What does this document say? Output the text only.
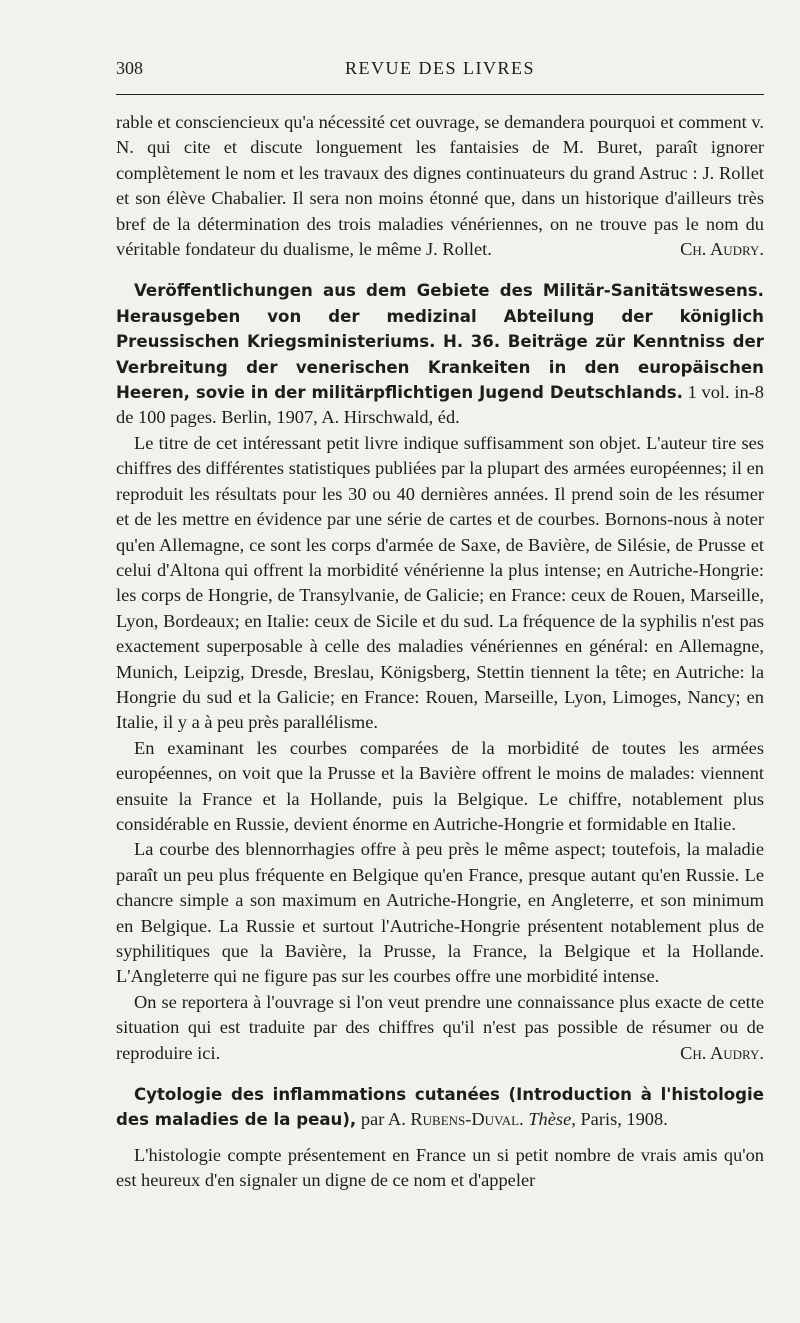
308	REVUE DES LIVRES

rable et consciencieux qu'a nécessité cet ouvrage, se demandera pourquoi et comment v. N. qui cite et discute longuement les fantaisies de M. Buret, paraît ignorer complètement le nom et les travaux des dignes continuateurs du grand Astruc : J. Rollet et son élève Chabalier. Il sera non moins étonné que, dans un historique d'ailleurs très bref de la détermination des trois maladies vénériennes, on ne trouve pas le nom du véritable fondateur du dualisme, le même J. Rollet.	Ch. Audry.

Veröffentlichungen aus dem Gebiete des Militär-Sanitätswesens. Herausgeben von der medizinal Abteilung der königlich Preussischen Kriegsministeriums. H. 36. Beiträge zür Kenntniss der Verbreitung der venerischen Krankeiten in den europäischen Heeren, sovie in der militärpflichtigen Jugend Deutschlands. 1 vol. in-8 de 100 pages. Berlin, 1907, A. Hirschwald, éd.

Le titre de cet intéressant petit livre indique suffisamment son objet. L'auteur tire ses chiffres des différentes statistiques publiées par la plupart des armées européennes; il en reproduit les résultats pour les 30 ou 40 dernières années. Il prend soin de les résumer et de les mettre en évidence par une série de cartes et de courbes. Bornons-nous à noter qu'en Allemagne, ce sont les corps d'armée de Saxe, de Bavière, de Silésie, de Prusse et celui d'Altona qui offrent la morbidité vénérienne la plus intense; en Autriche-Hongrie: les corps de Hongrie, de Transylvanie, de Galicie; en France: ceux de Rouen, Marseille, Lyon, Bordeaux; en Italie: ceux de Sicile et du sud. La fréquence de la syphilis n'est pas exactement superposable à celle des maladies vénériennes en général: en Allemagne, Munich, Leipzig, Dresde, Breslau, Königsberg, Stettin tiennent la tête; en Autriche: la Hongrie du sud et la Galicie; en France: Rouen, Marseille, Lyon, Limoges, Nancy; en Italie, il y a à peu près parallélisme.

En examinant les courbes comparées de la morbidité de toutes les armées européennes, on voit que la Prusse et la Bavière offrent le moins de malades: viennent ensuite la France et la Hollande, puis la Belgique. Le chiffre, notablement plus considérable en Russie, devient énorme en Autriche-Hongrie et formidable en Italie.

La courbe des blennorrhagies offre à peu près le même aspect; toutefois, la maladie paraît un peu plus fréquente en Belgique qu'en France, presque autant qu'en Russie. Le chancre simple a son maximum en Autriche-Hongrie, en Angleterre, et son minimum en Belgique. La Russie et surtout l'Autriche-Hongrie présentent notablement plus de syphilitiques que la Bavière, la Prusse, la France, la Belgique et la Hollande. L'Angleterre qui ne figure pas sur les courbes offre une morbidité intense.

On se reportera à l'ouvrage si l'on veut prendre une connaissance plus exacte de cette situation qui est traduite par des chiffres qu'il n'est pas possible de résumer ou de reproduire ici.	Ch. Audry.

Cytologie des inflammations cutanées (Introduction à l'histologie des maladies de la peau), par A. Rubens-Duval. Thèse, Paris, 1908.

L'histologie compte présentement en France un si petit nombre de vrais amis qu'on est heureux d'en signaler un digne de ce nom et d'appeler
